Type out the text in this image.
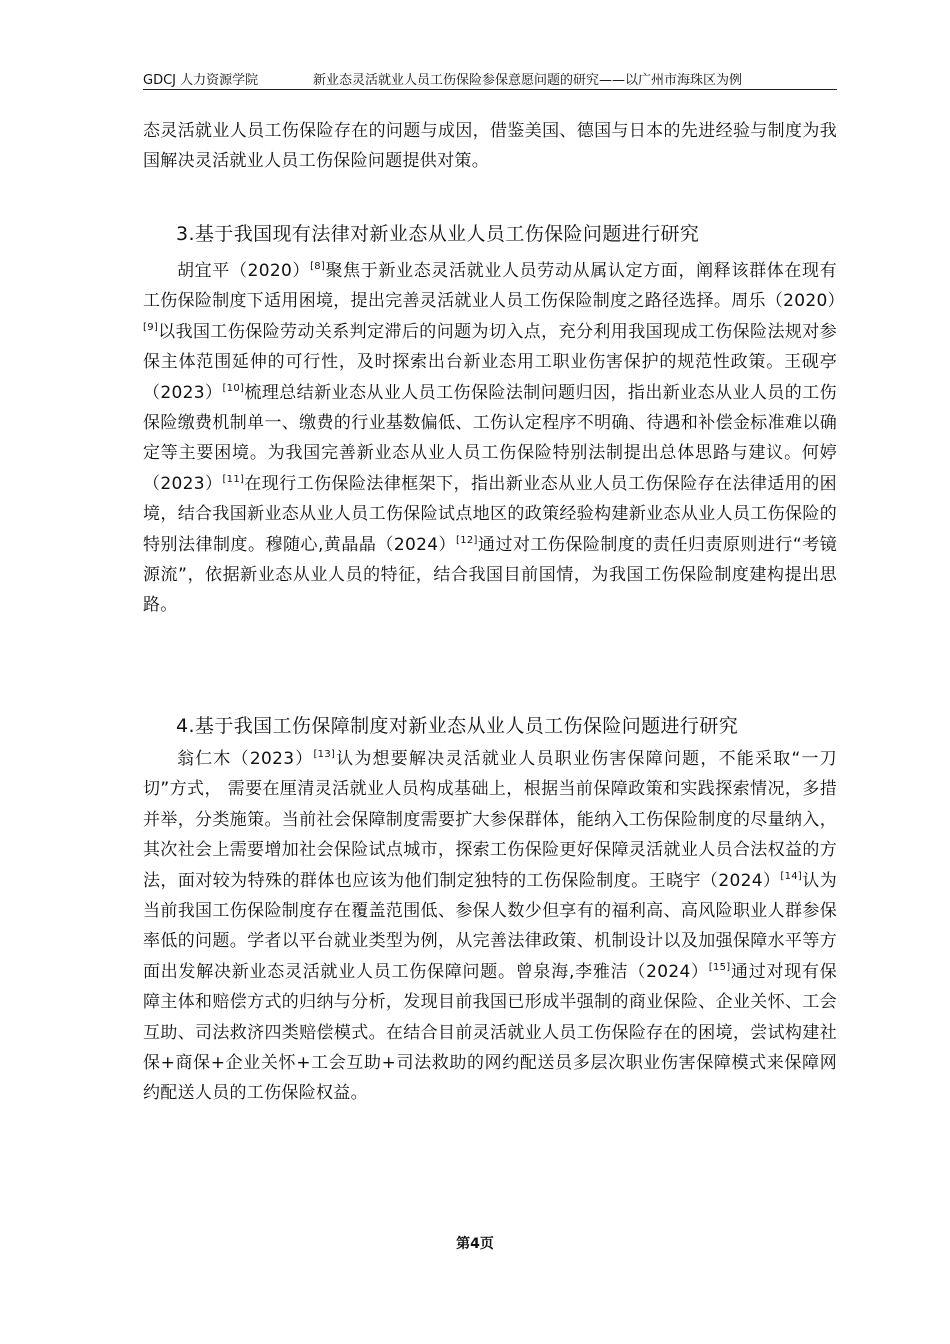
GDCJ 人力资源学院	新业态灵活就业人员工伤保险参保意愿问题的研究——以广州市海珠区为例
态灵活就业人员工伤保险存在的问题与成因，借鉴美国、德国与日本的先进经验与制度为我国解决灵活就业人员工伤保险问题提供对策。
3.基于我国现有法律对新业态从业人员工伤保险问题进行研究
胡宜平（2020）[8]聚焦于新业态灵活就业人员劳动从属认定方面，阐释该群体在现有工伤保险制度下适用困境，提出完善灵活就业人员工伤保险制度之路径选择。周乐（2020）[9]以我国工伤保险劳动关系判定滞后的问题为切入点，充分利用我国现成工伤保险法规对参保主体范围延伸的可行性，及时探索出台新业态用工职业伤害保护的规范性政策。王砚亭（2023）[10]梳理总结新业态从业人员工伤保险法制问题归因，指出新业态从业人员的工伤保险缴费机制单一、缴费的行业基数偏低、工伤认定程序不明确、待遇和补偿金标准难以确定等主要困境。为我国完善新业态从业人员工伤保险特别法制提出总体思路与建议。何婷（2023）[11]在现行工伤保险法律框架下，指出新业态从业人员工伤保险存在法律适用的困境，结合我国新业态从业人员工伤保险试点地区的政策经验构建新业态从业人员工伤保险的特别法律制度。穆随心,黄晶晶（2024）[12]通过对工伤保险制度的责任归责原则进行“考镜源流”，依据新业态从业人员的特征，结合我国目前国情，为我国工伤保险制度建构提出思路。
4.基于我国工伤保障制度对新业态从业人员工伤保险问题进行研究
翁仁木（2023）[13]认为想要解决灵活就业人员职业伤害保障问题，不能采取“一刀切”方式， 需要在厘清灵活就业人员构成基础上，根据当前保障政策和实践探索情况，多措并举，分类施策。当前社会保障制度需要扩大参保群体，能纳入工伤保险制度的尽量纳入，其次社会上需要增加社会保险试点城市，探索工伤保险更好保障灵活就业人员合法权益的方法，面对较为特殊的群体也应该为他们制定独特的工伤保险制度。王晓宇（2024）[14]认为当前我国工伤保险制度存在覆盖范围低、参保人数少但享有的福利高、高风险职业人群参保率低的问题。学者以平台就业类型为例，从完善法律政策、机制设计以及加强保障水平等方面出发解决新业态灵活就业人员工伤保障问题。曾泉海,李雅洁（2024）[15]通过对现有保障主体和赔偿方式的归纳与分析，发现目前我国已形成半强制的商业保险、企业关怀、工会互助、司法救济四类赔偿模式。在结合目前灵活就业人员工伤保险存在的困境，尝试构建社保+商保+企业关怀+工会互助+司法救助的网约配送员多层次职业伤害保障模式来保障网约配送人员的工伤保险权益。
第4页
